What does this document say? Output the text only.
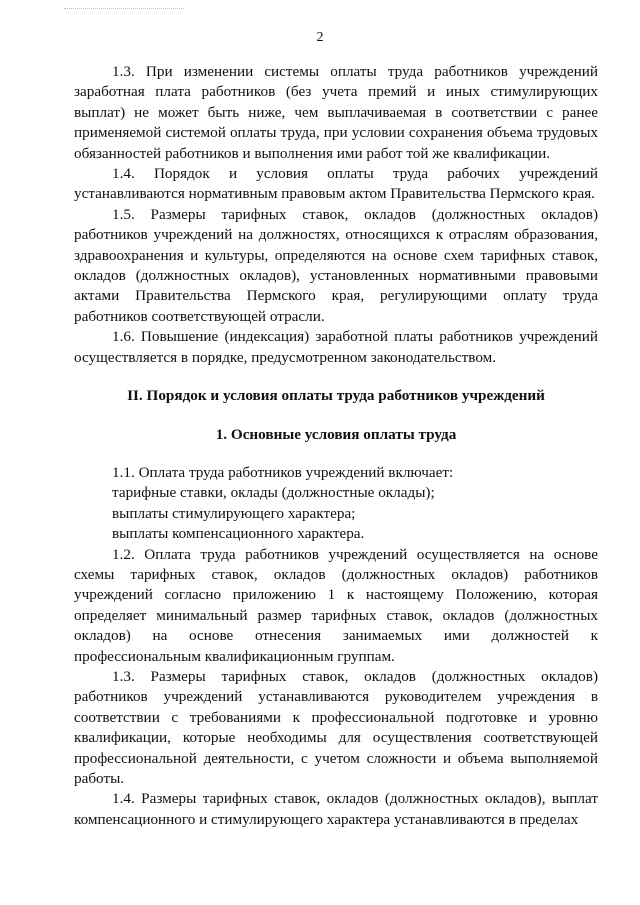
2

1.3. При изменении системы оплаты труда работников учреждений заработная плата работников (без учета премий и иных стимулирующих выплат) не может быть ниже, чем выплачиваемая в соответствии с ранее применяемой системой оплаты труда, при условии сохранения объема трудовых обязанностей работников и выполнения ими работ той же квалификации.

1.4. Порядок и условия оплаты труда рабочих учреждений устанавливаются нормативным правовым актом Правительства Пермского края.

1.5. Размеры тарифных ставок, окладов (должностных окладов) работников учреждений на должностях, относящихся к отраслям образования, здравоохранения и культуры, определяются на основе схем тарифных ставок, окладов (должностных окладов), установленных нормативными правовыми актами Правительства Пермского края, регулирующими оплату труда работников соответствующей отрасли.

1.6. Повышение (индексация) заработной платы работников учреждений осуществляется в порядке, предусмотренном законодательством.

II. Порядок и условия оплаты труда работников учреждений

1. Основные условия оплаты труда

1.1. Оплата труда работников учреждений включает:

тарифные ставки, оклады (должностные оклады);

выплаты стимулирующего характера;

выплаты компенсационного характера.

1.2. Оплата труда работников учреждений осуществляется на основе схемы тарифных ставок, окладов (должностных окладов) работников учреждений согласно приложению 1 к настоящему Положению, которая определяет минимальный размер тарифных ставок, окладов (должностных окладов) на основе отнесения занимаемых ими должностей к профессиональным квалификационным группам.

1.3. Размеры тарифных ставок, окладов (должностных окладов) работников учреждений устанавливаются руководителем учреждения в соответствии с требованиями к профессиональной подготовке и уровню квалификации, которые необходимы для осуществления соответствующей профессиональной деятельности, с учетом сложности и объема выполняемой работы.

1.4. Размеры тарифных ставок, окладов (должностных окладов), выплат компенсационного и стимулирующего характера устанавливаются в пределах
